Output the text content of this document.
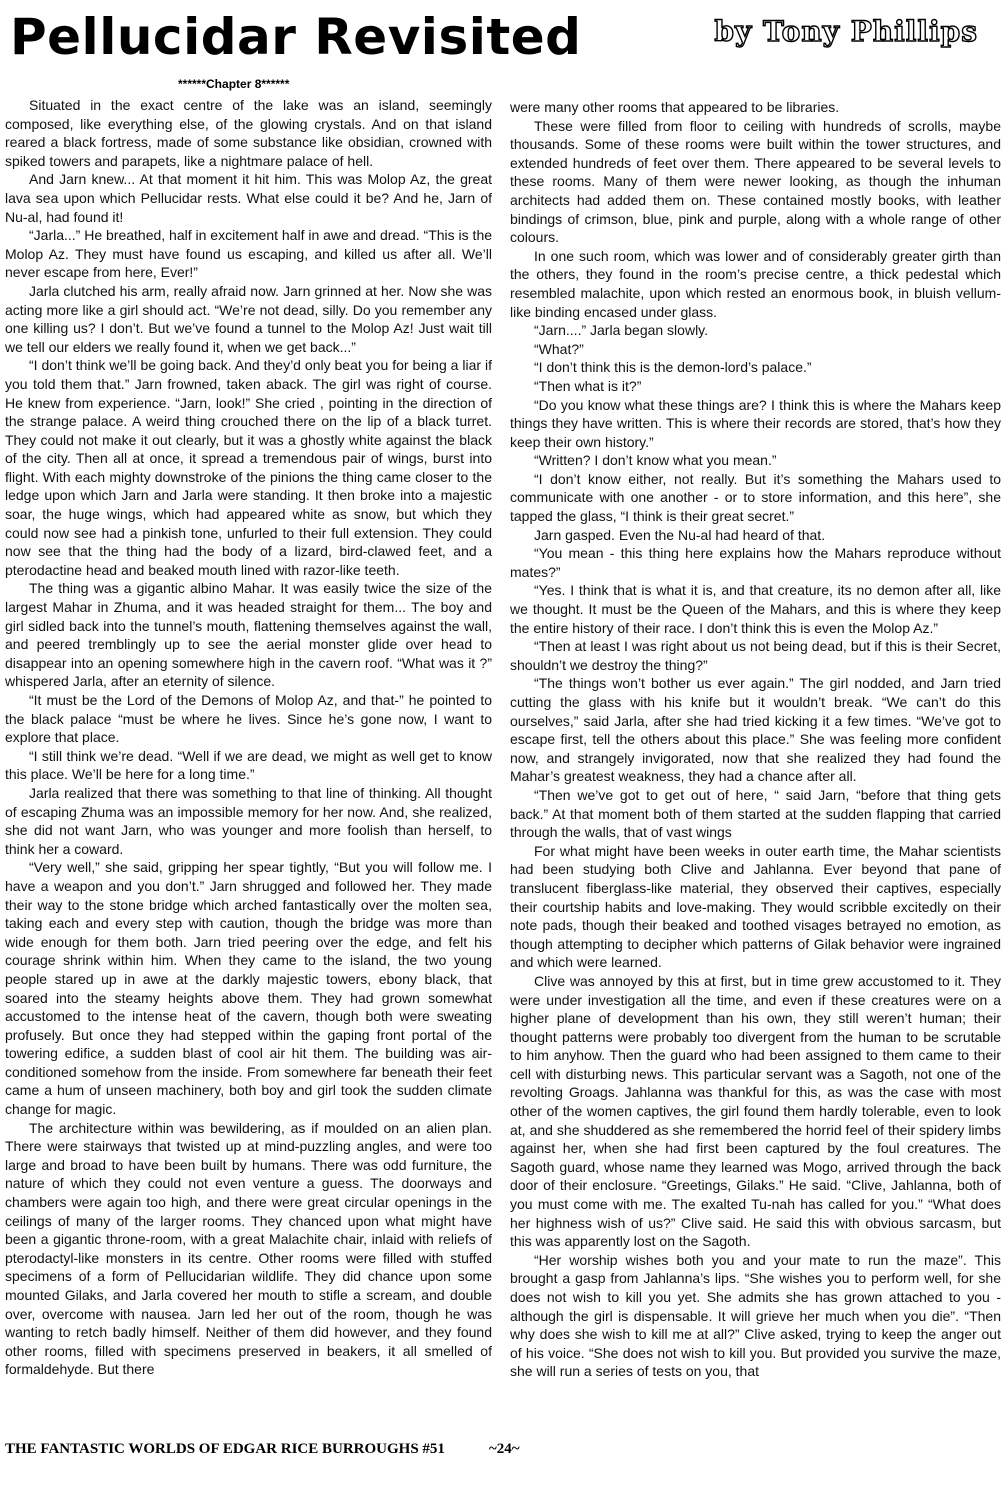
Pellucidar Revisited	by Tony Phillips
******Chapter 8******

Situated in the exact centre of the lake was an island, seemingly composed, like everything else, of the glowing crystals. And on that island reared a black fortress, made of some substance like obsidian, crowned with spiked towers and parapets, like a nightmare palace of hell.

And Jarn knew... At that moment it hit him. This was Molop Az, the great lava sea upon which Pellucidar rests. What else could it be? And he, Jarn of Nu-al, had found it!

“Jarla...” He breathed, half in excitement half in awe and dread. “This is the Molop Az. They must have found us escaping, and killed us after all. We’ll never escape from here, Ever!”

Jarla clutched his arm, really afraid now. Jarn grinned at her. Now she was acting more like a girl should act. “We’re not dead, silly. Do you remember any one killing us? I don’t. But we’ve found a tunnel to the Molop Az! Just wait till we tell our elders we really found it, when we get back...”

“I don’t think we’ll be going back. And they’d only beat you for being a liar if you told them that.” Jarn frowned, taken aback. The girl was right of course. He knew from experience. “Jarn, look!” She cried , pointing in the direction of the strange palace. A weird thing crouched there on the lip of a black turret. They could not make it out clearly, but it was a ghostly white against the black of the city. Then all at once, it spread a tremendous pair of wings, burst into flight. With each mighty downstroke of the pinions the thing came closer to the ledge upon which Jarn and Jarla were standing. It then broke into a majestic soar, the huge wings, which had appeared white as snow, but which they could now see had a pinkish tone, unfurled to their full extension. They could now see that the thing had the body of a lizard, bird-clawed feet, and a pterodactine head and beaked mouth lined with razor-like teeth.

The thing was a gigantic albino Mahar. It was easily twice the size of the largest Mahar in Zhuma, and it was headed straight for them... The boy and girl sidled back into the tunnel’s mouth, flattening themselves against the wall, and peered tremblingly up to see the aerial monster glide over head to disappear into an opening somewhere high in the cavern roof. “What was it ?” whispered Jarla, after an eternity of silence.

“It must be the Lord of the Demons of Molop Az, and that-” he pointed to the black palace “must be where he lives. Since he’s gone now, I want to explore that place.

“I still think we’re dead. “Well if we are dead, we might as well get to know this place. We’ll be here for a long time.”

Jarla realized that there was something to that line of thinking. All thought of escaping Zhuma was an impossible memory for her now. And, she realized, she did not want Jarn, who was younger and more foolish than herself, to think her a coward.

“Very well,” she said, gripping her spear tightly, “But you will follow me. I have a weapon and you don’t.” Jarn shrugged and followed her. They made their way to the stone bridge which arched fantastically over the molten sea, taking each and every step with caution, though the bridge was more than wide enough for them both. Jarn tried peering over the edge, and felt his courage shrink within him. When they came to the island, the two young people stared up in awe at the darkly majestic towers, ebony black, that soared into the steamy heights above them. They had grown somewhat accustomed to the intense heat of the cavern, though both were sweating profusely. But once they had stepped within the gaping front portal of the towering edifice, a sudden blast of cool air hit them. The building was air-conditioned somehow from the inside. From somewhere far beneath their feet came a hum of unseen machinery, both boy and girl took the sudden climate change for magic.

The architecture within was bewildering, as if moulded on an alien plan. There were stairways that twisted up at mind-puzzling angles, and were too large and broad to have been built by humans. There was odd furniture, the nature of which they could not even venture a guess. The doorways and chambers were again too high, and there were great circular openings in the ceilings of many of the larger rooms. They chanced upon what might have been a gigantic throne-room, with a great Malachite chair, inlaid with reliefs of pterodactyl-like monsters in its centre. Other rooms were filled with stuffed specimens of a form of Pellucidarian wildlife. They did chance upon some mounted Gilaks, and Jarla covered her mouth to stifle a scream, and double over, overcome with nausea. Jarn led her out of the room, though he was wanting to retch badly himself. Neither of them did however, and they found other rooms, filled with specimens preserved in beakers, it all smelled of formaldehyde. But there

were many other rooms that appeared to be libraries.

These were filled from floor to ceiling with hundreds of scrolls, maybe thousands. Some of these rooms were built within the tower structures, and extended hundreds of feet over them. There appeared to be several levels to these rooms. Many of them were newer looking, as though the inhuman architects had added them on. These contained mostly books, with leather bindings of crimson, blue, pink and purple, along with a whole range of other colours.

In one such room, which was lower and of considerably greater girth than the others, they found in the room’s precise centre, a thick pedestal which resembled malachite, upon which rested an enormous book, in bluish vellum-like binding encased under glass.

“Jarn....” Jarla began slowly.

“What?”

“I don’t think this is the demon-lord’s palace.”

“Then what is it?”

“Do you know what these things are? I think this is where the Mahars keep things they have written. This is where their records are stored, that’s how they keep their own history.”

“Written? I don’t know what you mean.”

“I don’t know either, not really. But it’s something the Mahars used to communicate with one another - or to store information, and this here”, she tapped the glass, “I think is their great secret.”

Jarn gasped. Even the Nu-al had heard of that.

“You mean - this thing here explains how the Mahars reproduce without mates?”

“Yes. I think that is what it is, and that creature, its no demon after all, like we thought. It must be the Queen of the Mahars, and this is where they keep the entire history of their race. I don’t think this is even the Molop Az.”

“Then at least I was right about us not being dead, but if this is their Secret, shouldn’t we destroy the thing?”

“The things won’t bother us ever again.” The girl nodded, and Jarn tried cutting the glass with his knife but it wouldn’t break. “We can’t do this ourselves,” said Jarla, after she had tried kicking it a few times. “We’ve got to escape first, tell the others about this place.” She was feeling more confident now, and strangely invigorated, now that she realized they had found the Mahar’s greatest weakness, they had a chance after all.

“Then we’ve got to get out of here, “ said Jarn, “before that thing gets back.” At that moment both of them started at the sudden flapping that carried through the walls, that of vast wings

For what might have been weeks in outer earth time, the Mahar scientists had been studying both Clive and Jahlanna. Ever beyond that pane of translucent fiberglass-like material, they observed their captives, especially their courtship habits and love-making. They would scribble excitedly on their note pads, though their beaked and toothed visages betrayed no emotion, as though attempting to decipher which patterns of Gilak behavior were ingrained and which were learned.

Clive was annoyed by this at first, but in time grew accustomed to it. They were under investigation all the time, and even if these creatures were on a higher plane of development than his own, they still weren’t human; their thought patterns were probably too divergent from the human to be scrutable to him anyhow. Then the guard who had been assigned to them came to their cell with disturbing news. This particular servant was a Sagoth, not one of the revolting Groags. Jahlanna was thankful for this, as was the case with most other of the women captives, the girl found them hardly tolerable, even to look at, and she shuddered as she remembered the horrid feel of their spidery limbs against her, when she had first been captured by the foul creatures. The Sagoth guard, whose name they learned was Mogo, arrived through the back door of their enclosure. “Greetings, Gilaks.” He said. “Clive, Jahlanna, both of you must come with me. The exalted Tu-nah has called for you.” “What does her highness wish of us?” Clive said. He said this with obvious sarcasm, but this was apparently lost on the Sagoth.

“Her worship wishes both you and your mate to run the maze”. This brought a gasp from Jahlanna’s lips. “She wishes you to perform well, for she does not wish to kill you yet. She admits she has grown attached to you - although the girl is dispensable. It will grieve her much when you die”. “Then why does she wish to kill me at all?” Clive asked, trying to keep the anger out of his voice. “She does not wish to kill you. But provided you survive the maze, she will run a series of tests on you, that

THE FANTASTIC WORLDS OF EDGAR RICE BURROUGHS #51	~24~
